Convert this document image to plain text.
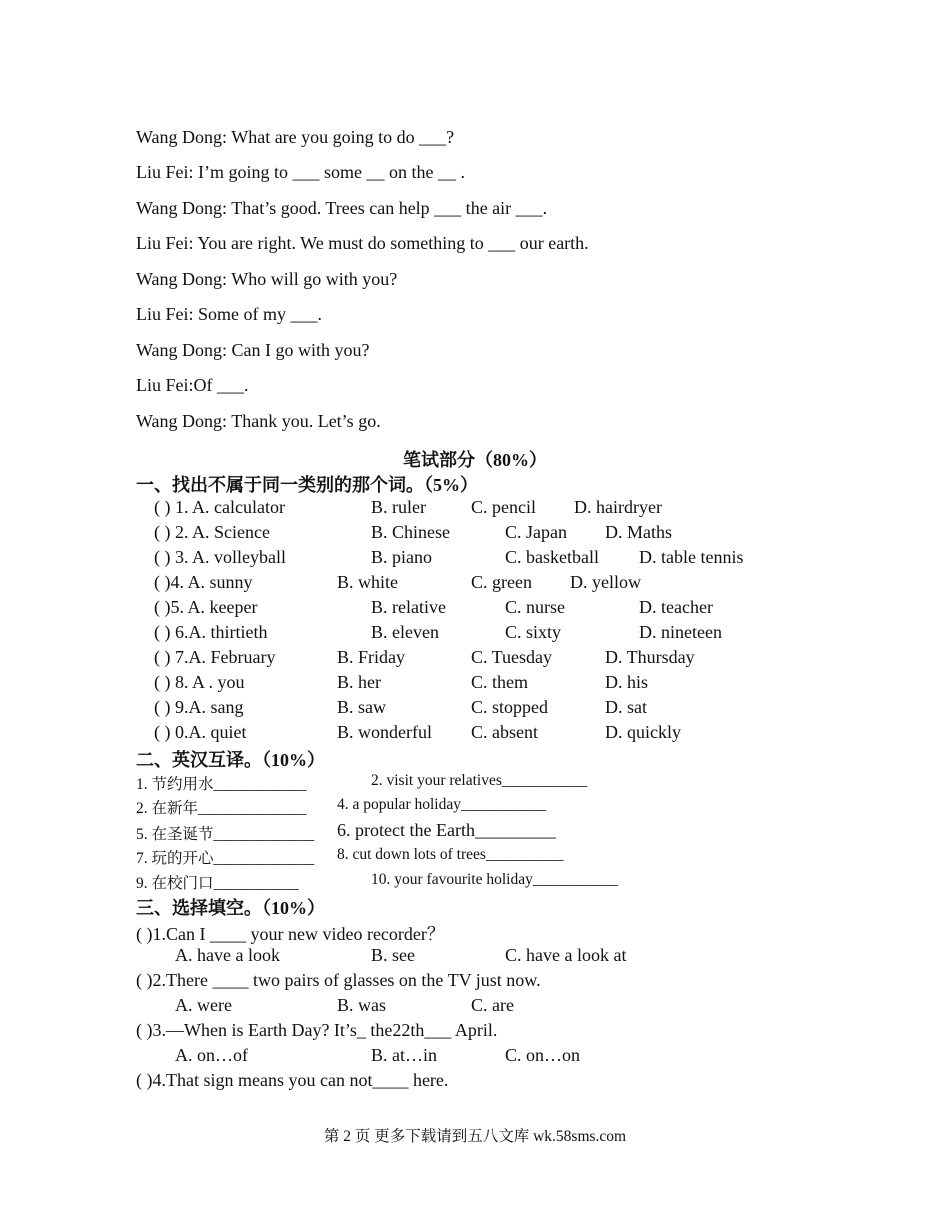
Wang Dong: What are you going to do ___?
Liu Fei: I’m going to ___ some __ on the __ .
Wang Dong: That’s good. Trees can help ___ the air ___.
Liu Fei: You are right. We must do something to ___ our earth.
Wang Dong: Who will go with you?
Liu Fei: Some of my ___.
Wang Dong: Can I go with you?
Liu Fei:Of ___.
Wang Dong: Thank you. Let’s go.
笔试部分（80%）
一、找出不属于同一类别的那个词。（5%）
( ) 1. A. calculator	B. ruler	C. pencil D. hairdryer
( ) 2. A. Science	B. Chinese	C. Japan D. Maths
( ) 3. A. volleyball	B. piano	C. basketball D. table tennis
( )4. A. sunny	B. white	C. green D. yellow
( )5. A. keeper	B. relative	C. nurse	D. teacher
( ) 6.A. thirtieth	B. eleven	C. sixty	D. nineteen
( ) 7.A. February	B. Friday	C. Tuesday	D. Thursday
( ) 8. A . you	B. her	C. them	D. his
( ) 9.A. sang	B. saw	C. stopped	D. sat
( ) 0.A. quiet	B. wonderful C. absent	D. quickly
二、英汉互译。（10%）
1. 节约用水____________	2. visit your relatives___________
2. 在新年______________ 4. a popular holiday___________
5. 在圣诞节_____________ 6. protect the Earth_________
7. 玩的开心_____________ 8. cut down lots of trees__________
9. 在校门口___________	10. your favourite holiday___________
三、选择填空。（10%）
( )1.Can I ____ your new video recorder？
A. have a look	B. see	C. have a look at
( )2.There ____ two pairs of glasses on the TV just now.
A. were	B. was	C. are
( )3.—When is Earth Day? It’s_ the22th___ April.
A. on…of	B. at…in	C. on…on
( )4.That sign means you can not____ here.
第 2 页 更多下载请到五八文库 wk.58sms.com
